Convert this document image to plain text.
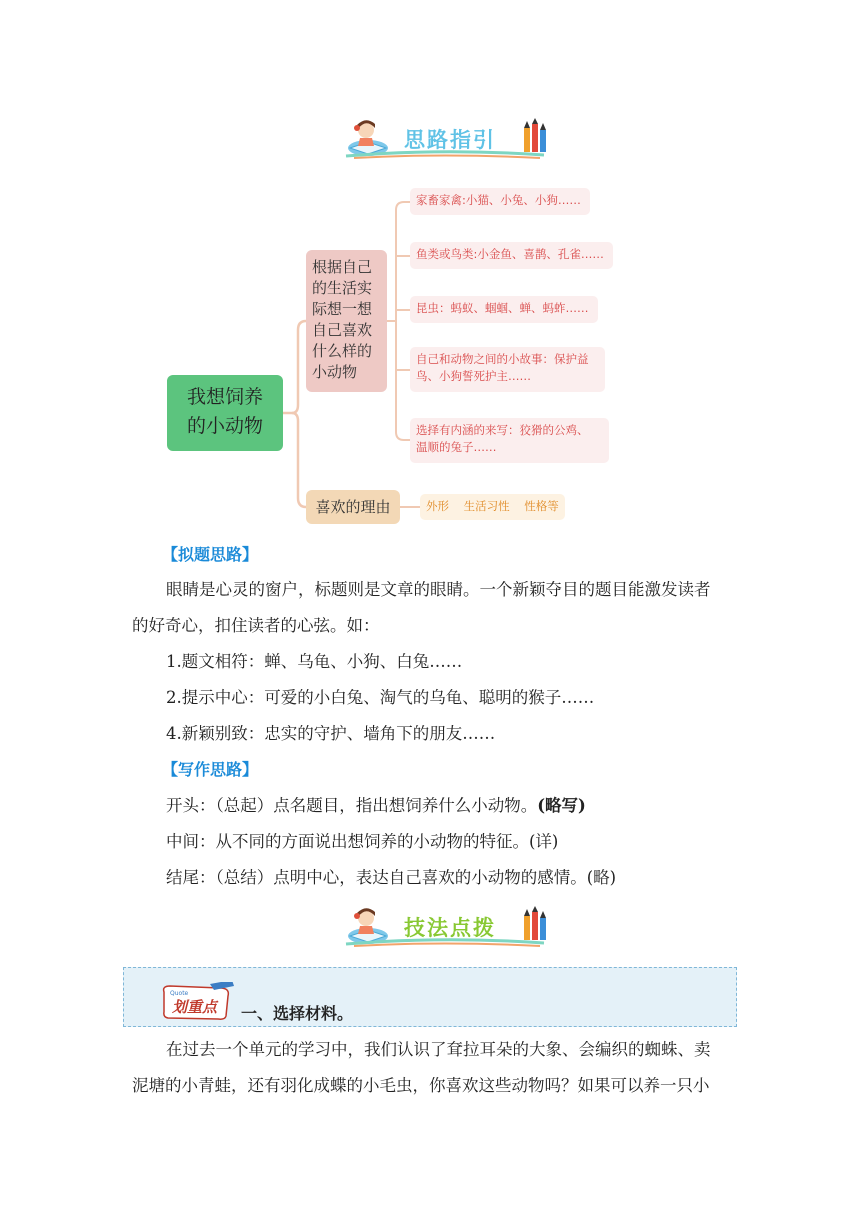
思路指引
我想饲养
的小动物
根据自己
的生活实
际想一想
自己喜欢
什么样的
小动物
喜欢的理由
家畜家禽:小猫、小兔、小狗……
鱼类或鸟类:小金鱼、喜鹊、孔雀……
昆虫：蚂蚁、蝈蝈、蝉、蚂蚱……
自己和动物之间的小故事：保护益
鸟、小狗誓死护主……
选择有内涵的来写：狡猾的公鸡、
温顺的兔子……
外形    生活习性    性格等
【拟题思路】
眼睛是心灵的窗户，标题则是文章的眼睛。一个新颖夺目的题目能激发读者
的好奇心，扣住读者的心弦。如：
1.题文相符：蝉、乌龟、小狗、白兔……
2.提示中心：可爱的小白兔、淘气的乌龟、聪明的猴子……
4.新颖别致：忠实的守护、墙角下的朋友……
【写作思路】
开头：（总起）点名题目，指出想饲养什么小动物。(略写)
中间：从不同的方面说出想饲养的小动物的特征。(详)
结尾：（总结）点明中心，表达自己喜欢的小动物的感情。(略)
技法点拨
Quote
划重点 一、选择材料。
在过去一个单元的学习中，我们认识了耷拉耳朵的大象、会编织的蜘蛛、卖
泥塘的小青蛙，还有羽化成蝶的小毛虫，你喜欢这些动物吗？如果可以养一只小
